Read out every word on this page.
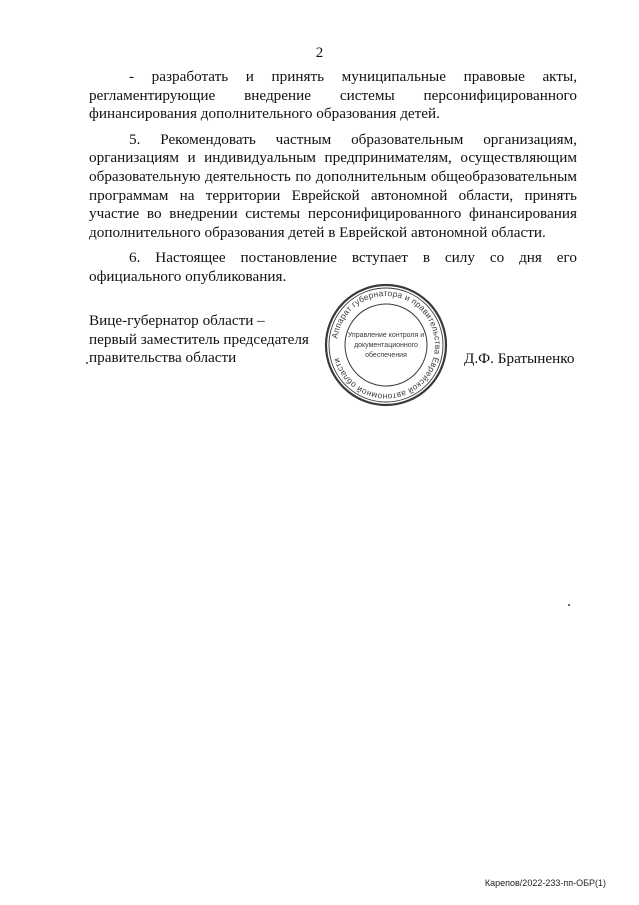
2

- разработать и принять муниципальные правовые акты, регламентирующие внедрение системы персонифицированного финансирования дополнительного образования детей.

5. Рекомендовать частным образовательным организациям, организациям и индивидуальным предпринимателям, осуществляющим образовательную деятельность по дополнительным общеобразовательным программам на территории Еврейской автономной области, принять участие во внедрении системы персонифицированного финансирования дополнительного образования детей в Еврейской автономной области.

6. Настоящее постановление вступает в силу со дня его официального опубликования.

Вице-губернатор области –
первый заместитель председателя
правительства области
Аппарат губернатора и правительства Еврейской автономной области
Управление контроля и
документационного
обеспечения	Д.Ф. Братыненко
Карепов/2022-233-пп-ОБР(1)
